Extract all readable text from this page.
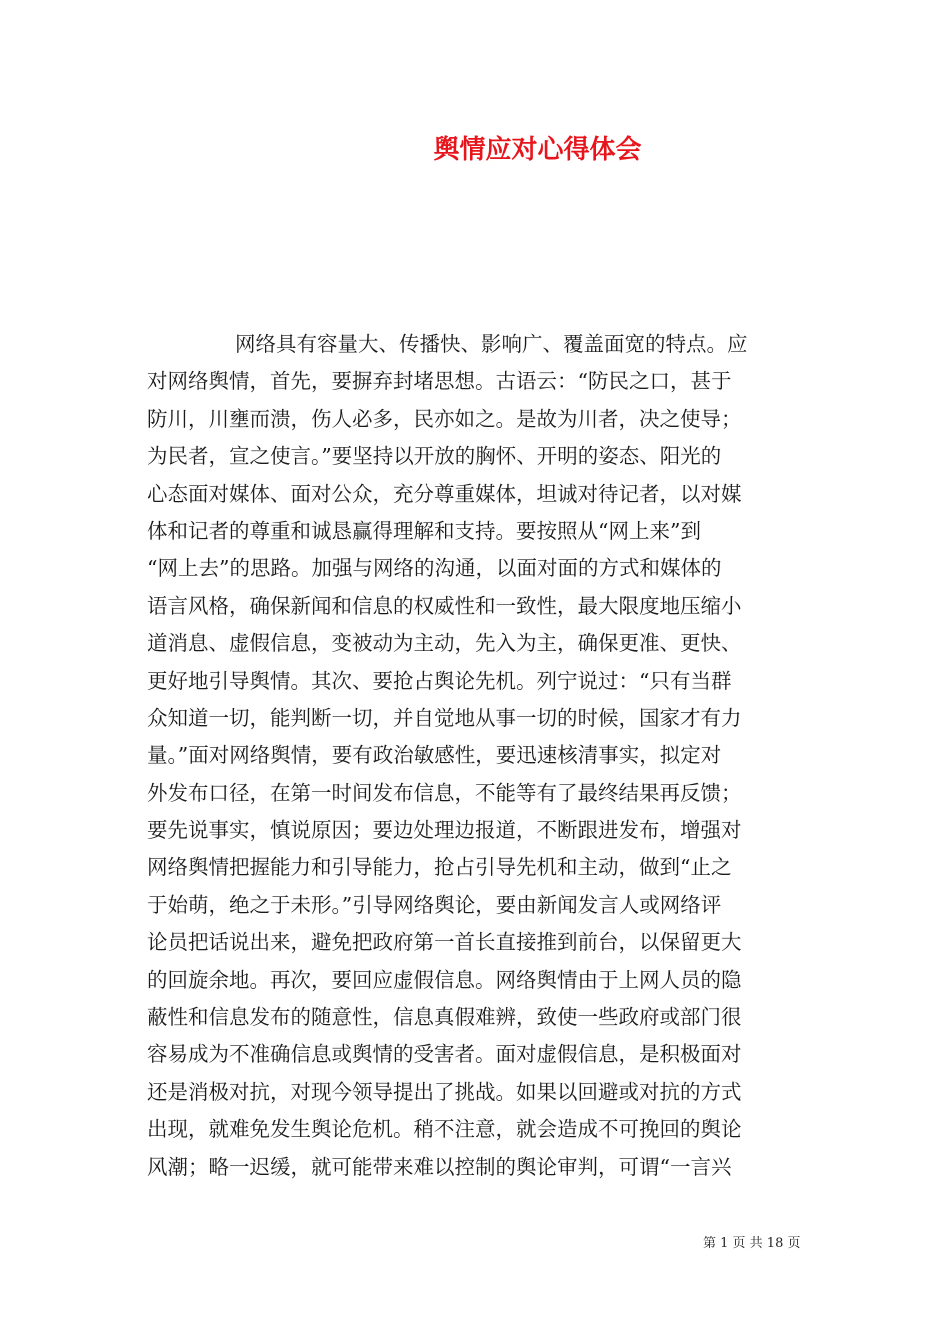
舆情应对心得体会
网络具有容量大、传播快、影响广、覆盖面宽的特点。应
对网络舆情，首先，要摒弃封堵思想。古语云：“防民之口，甚于
防川，川壅而溃，伤人必多，民亦如之。是故为川者，决之使导；
为民者，宣之使言。”要坚持以开放的胸怀、开明的姿态、阳光的
心态面对媒体、面对公众，充分尊重媒体，坦诚对待记者，以对媒
体和记者的尊重和诚恳赢得理解和支持。要按照从“网上来”到
“网上去”的思路。加强与网络的沟通，以面对面的方式和媒体的
语言风格，确保新闻和信息的权威性和一致性，最大限度地压缩小
道消息、虚假信息，变被动为主动，先入为主，确保更准、更快、
更好地引导舆情。其次、要抢占舆论先机。列宁说过：“只有当群
众知道一切，能判断一切，并自觉地从事一切的时候，国家才有力
量。”面对网络舆情，要有政治敏感性，要迅速核清事实，拟定对
外发布口径，在第一时间发布信息，不能等有了最终结果再反馈；
要先说事实，慎说原因；要边处理边报道，不断跟进发布，增强对
网络舆情把握能力和引导能力，抢占引导先机和主动，做到“止之
于始萌，绝之于未形。”引导网络舆论，要由新闻发言人或网络评
论员把话说出来，避免把政府第一首长直接推到前台，以保留更大
的回旋余地。再次，要回应虚假信息。网络舆情由于上网人员的隐
蔽性和信息发布的随意性，信息真假难辨，致使一些政府或部门很
容易成为不准确信息或舆情的受害者。面对虚假信息，是积极面对
还是消极对抗，对现今领导提出了挑战。如果以回避或对抗的方式
出现，就难免发生舆论危机。稍不注意，就会造成不可挽回的舆论
风潮；略一迟缓，就可能带来难以控制的舆论审判，可谓“一言兴
第 1 页 共 18 页
